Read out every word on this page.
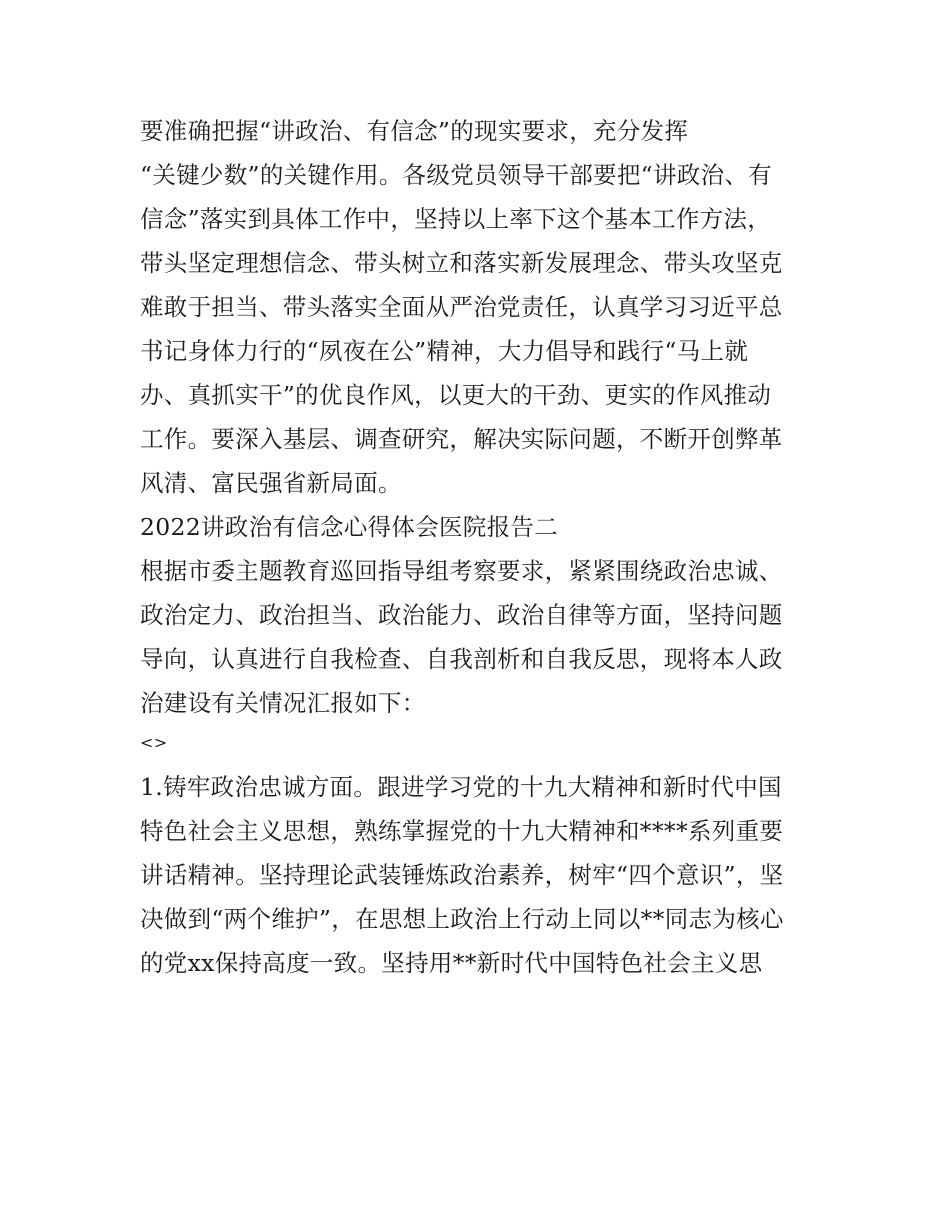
要准确把握“讲政治、有信念”的现实要求，充分发挥
“关键少数”的关键作用。各级党员领导干部要把“讲政治、有
信念”落实到具体工作中，坚持以上率下这个基本工作方法，
带头坚定理想信念、带头树立和落实新发展理念、带头攻坚克
难敢于担当、带头落实全面从严治党责任，认真学习习近平总
书记身体力行的“夙夜在公”精神，大力倡导和践行“马上就
办、真抓实干”的优良作风，以更大的干劲、更实的作风推动
工作。要深入基层、调查研究，解决实际问题，不断开创弊革
风清、富民强省新局面。
2022讲政治有信念心得体会医院报告二
根据市委主题教育巡回指导组考察要求，紧紧围绕政治忠诚、
政治定力、政治担当、政治能力、政治自律等方面，坚持问题
导向，认真进行自我检查、自我剖析和自我反思，现将本人政
治建设有关情况汇报如下：
<>
1.铸牢政治忠诚方面。跟进学习党的十九大精神和新时代中国
特色社会主义思想，熟练掌握党的十九大精神和****系列重要
讲话精神。坚持理论武装锤炼政治素养，树牢“四个意识”，坚
决做到“两个维护”，在思想上政治上行动上同以**同志为核心
的党xx保持高度一致。坚持用**新时代中国特色社会主义思
